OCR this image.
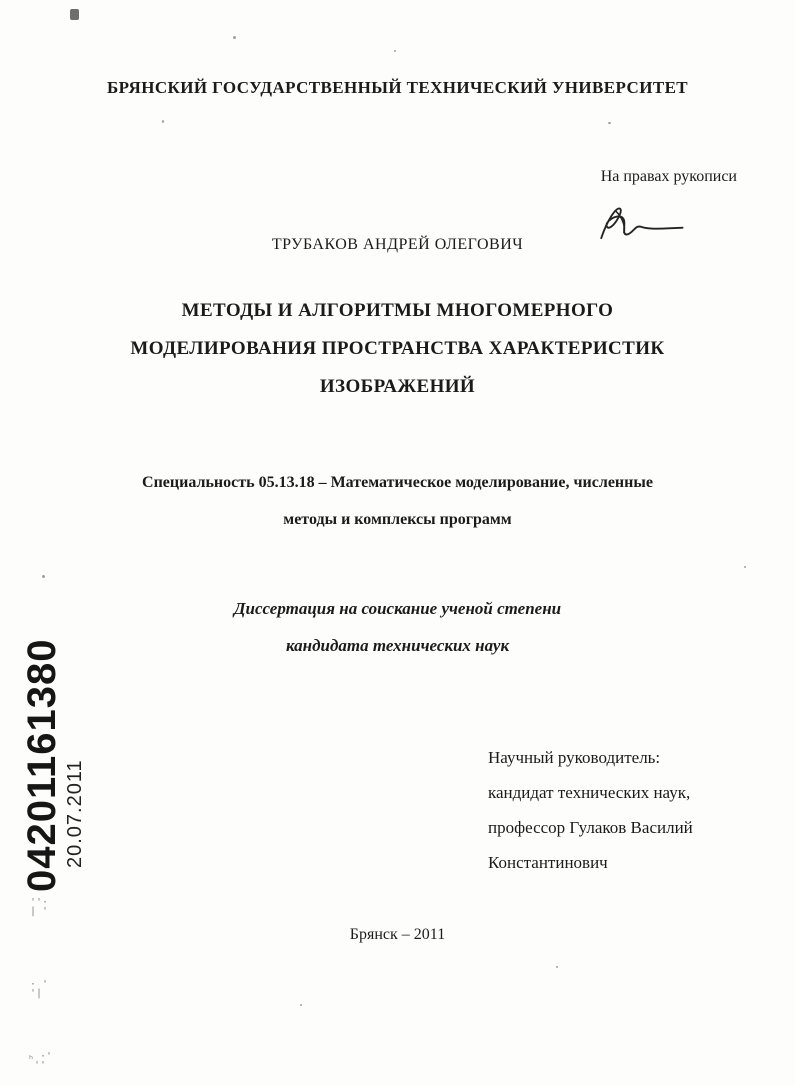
БРЯНСКИЙ ГОСУДАРСТВЕННЫЙ ТЕХНИЧЕСКИЙ УНИВЕРСИТЕТ
На правах рукописи
ТРУБАКОВ АНДРЕЙ ОЛЕГОВИЧ
МЕТОДЫ И АЛГОРИТМЫ МНОГОМЕРНОГО
МОДЕЛИРОВАНИЯ ПРОСТРАНСТВА ХАРАКТЕРИСТИК
ИЗОБРАЖЕНИЙ
Специальность 05.13.18 – Математическое моделирование, численные
методы и комплексы программ
Диссертация на соискание ученой степени
кандидата технических наук
04201161380 20.07.2011
Научный руководитель:
кандидат технических наук,
профессор Гулаков Василий
Константинович
Брянск – 2011
''·
| '
· '
'|
ₕ ·'
 ''
